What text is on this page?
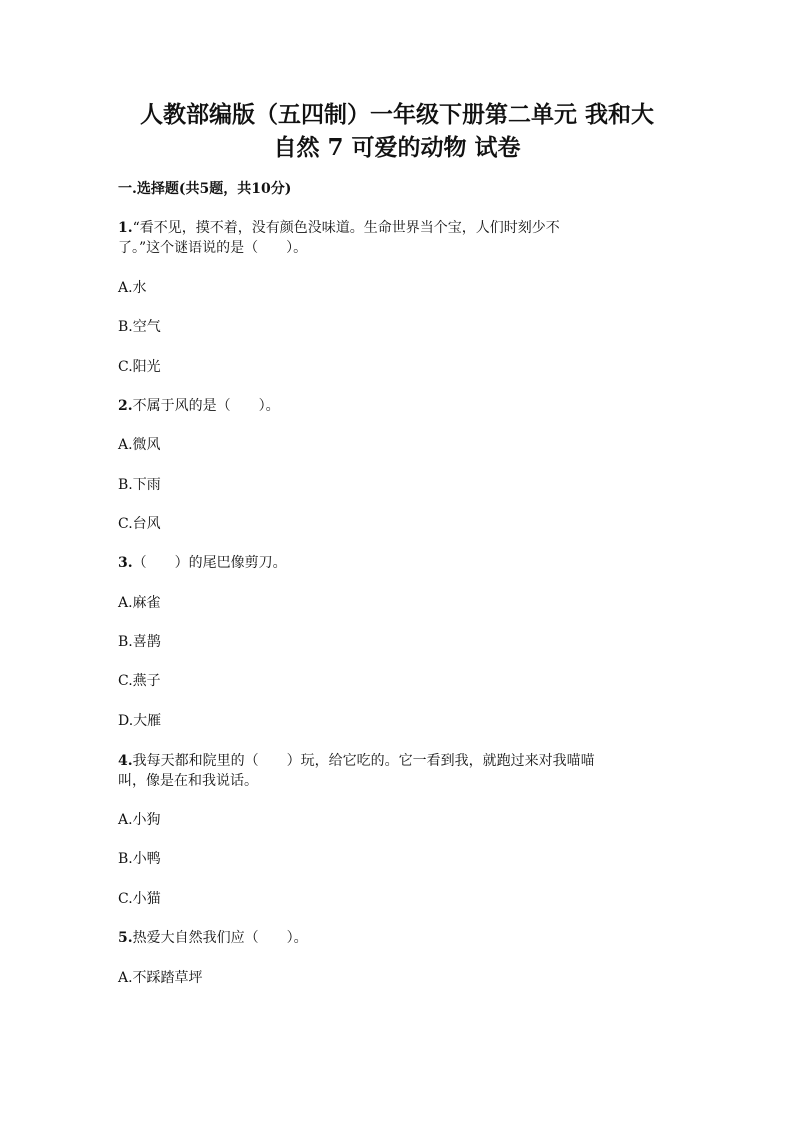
人教部编版（五四制）一年级下册第二单元 我和大
自然 7 可爱的动物 试卷

一.选择题(共5题，共10分)

1.“看不见，摸不着，没有颜色没味道。生命世界当个宝，人们时刻少不

了。”这个谜语说的是（　　）。

A.水

B.空气

C.阳光

2.不属于风的是（　　）。

A.微风

B.下雨

C.台风

3.（　　）的尾巴像剪刀。

A.麻雀

B.喜鹊

C.燕子

D.大雁

4.我每天都和院里的（　　）玩，给它吃的。它一看到我，就跑过来对我喵喵

叫，像是在和我说话。

A.小狗

B.小鸭

C.小猫

5.热爱大自然我们应（　　）。

A.不踩踏草坪
